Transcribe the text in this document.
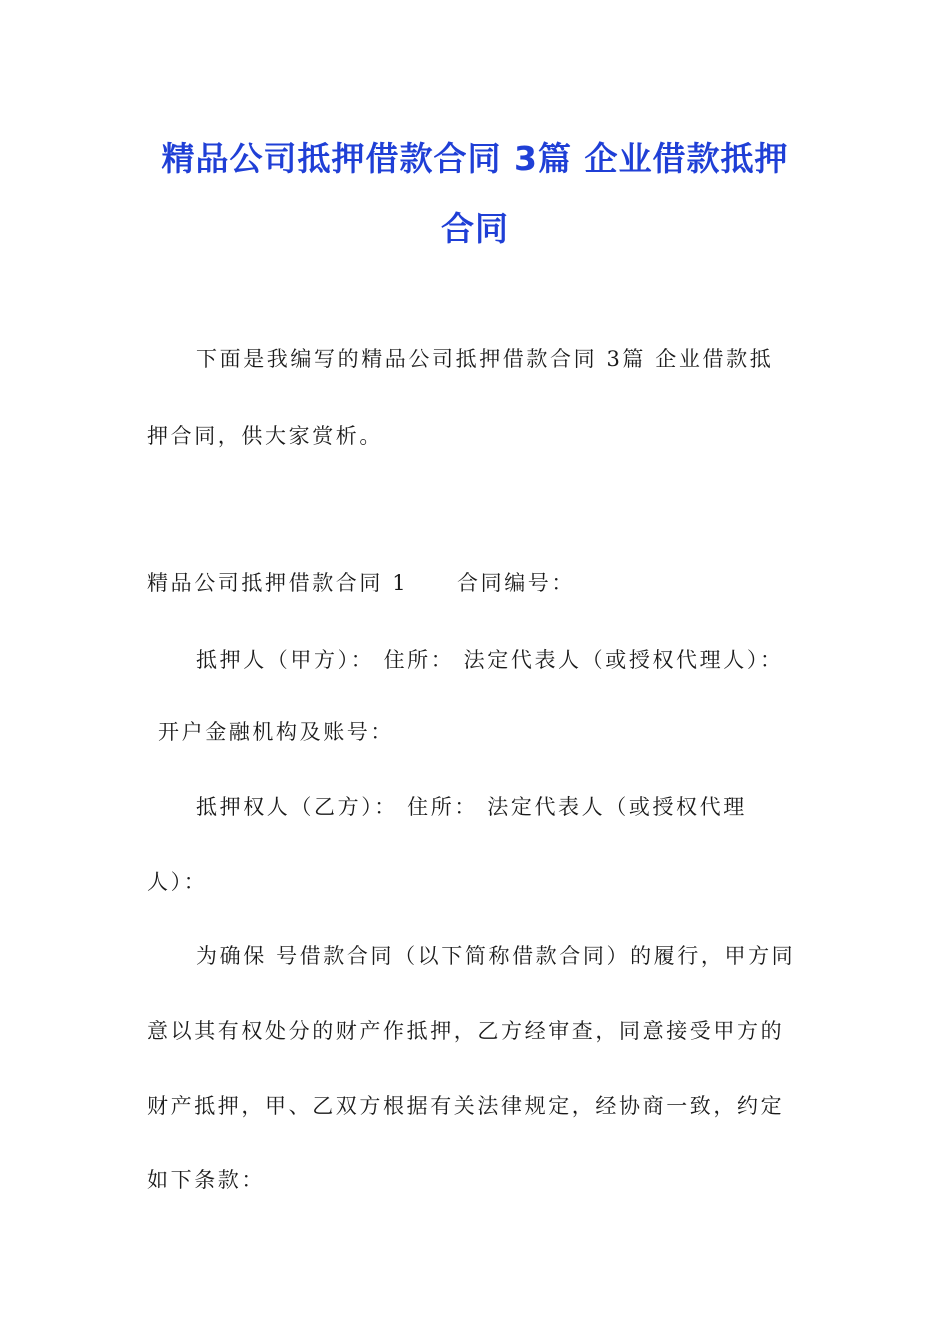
精品公司抵押借款合同 3篇 企业借款抵押
合同
下面是我编写的精品公司抵押借款合同 3篇 企业借款抵
押合同，供大家赏析。
精品公司抵押借款合同 1 合同编号：
抵押人（甲方）： 住所： 法定代表人（或授权代理人）：
开户金融机构及账号：
抵押权人（乙方）： 住所： 法定代表人（或授权代理
人）：
为确保 号借款合同（以下简称借款合同）的履行，甲方同
意以其有权处分的财产作抵押，乙方经审查，同意接受甲方的
财产抵押，甲、乙双方根据有关法律规定，经协商一致，约定
如下条款：
